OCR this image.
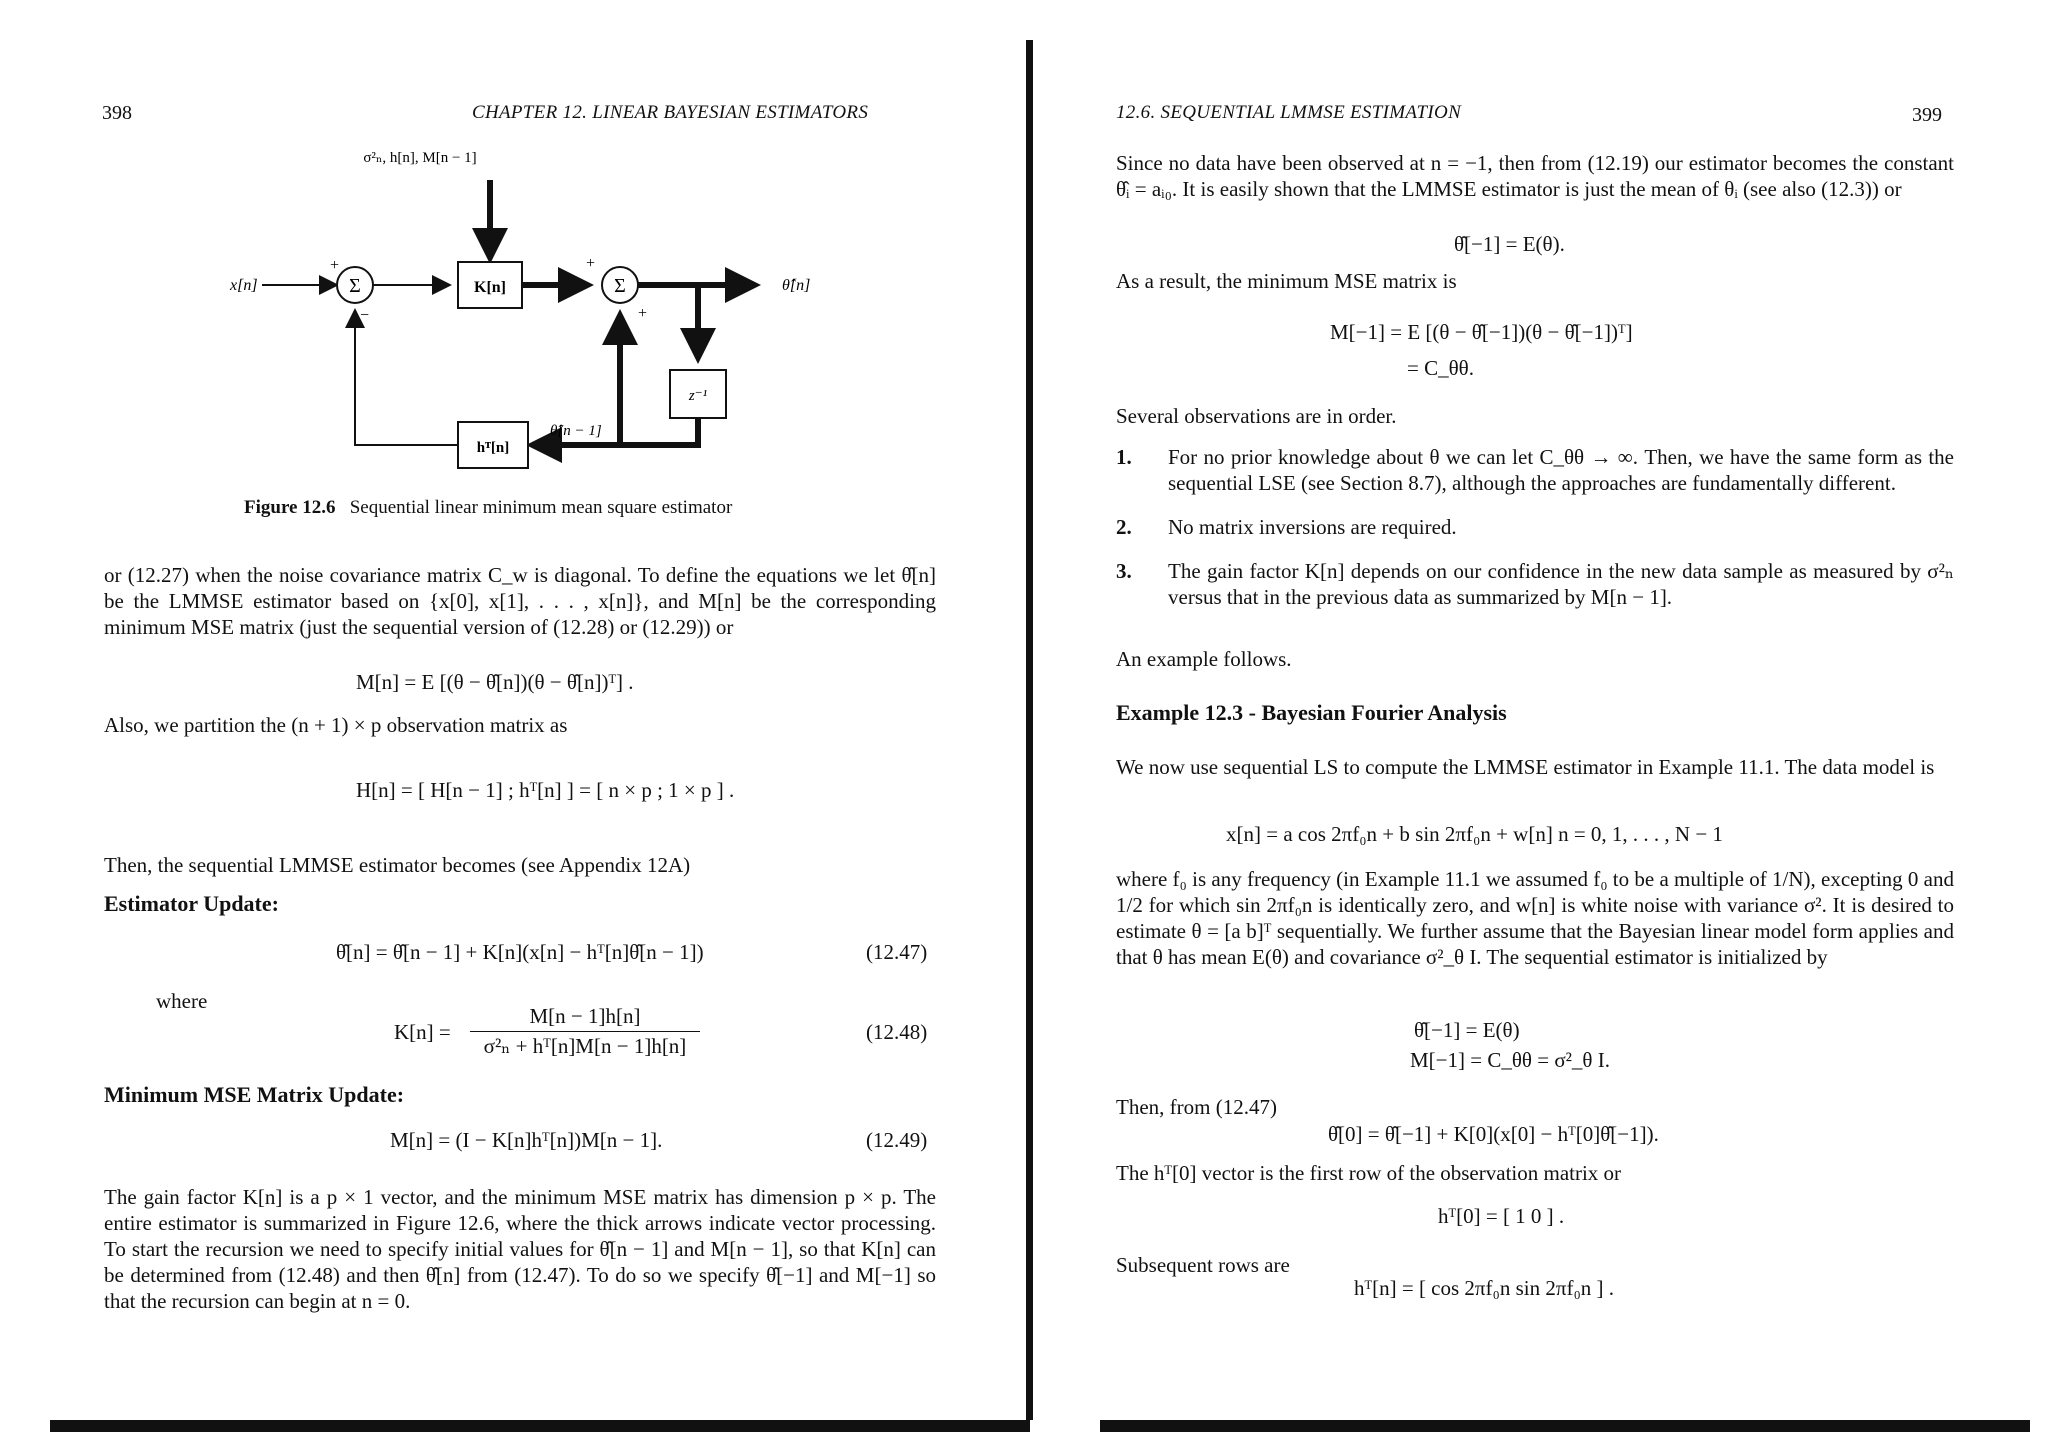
398	CHAPTER 12. LINEAR BAYESIAN ESTIMATORS
σ²ₙ, h[n], M[n − 1]
x[n]	Σ
+
−
K[n]	Σ
+
+
θ̂[n]
z⁻¹
θ̂[n − 1]
hᵀ[n]
Figure 12.6 Sequential linear minimum mean square estimator
or (12.27) when the noise covariance matrix C_w is diagonal. To define the equations we let θ̂[n] be the LMMSE estimator based on {x[0], x[1], . . . , x[n]}, and M[n] be the corresponding minimum MSE matrix (just the sequential version of (12.28) or (12.29)) or
M[n] = E [(θ − θ̂[n])(θ − θ̂[n])ᵀ] .
Also, we partition the (n + 1) × p observation matrix as
H[n] = [ H[n − 1] ; hᵀ[n] ] = [ n × p ; 1 × p ] .
Then, the sequential LMMSE estimator becomes (see Appendix 12A)
Estimator Update:
θ̂[n] = θ̂[n − 1] + K[n](x[n] − hᵀ[n]θ̂[n − 1])	(12.47)
where
$K[n] = \frac{M[n - 1]h[n]}{\text{σ²ₙ + hᵀ[n]M[n − 1]h[n]}}$	(12.48)
Minimum MSE Matrix Update:
M[n] = (I − K[n]hᵀ[n])M[n − 1].	(12.49)
The gain factor K[n] is a p × 1 vector, and the minimum MSE matrix has dimension p × p. The entire estimator is summarized in Figure 12.6, where the thick arrows indicate vector processing. To start the recursion we need to specify initial values for θ̂[n − 1] and M[n − 1], so that K[n] can be determined from (12.48) and then θ̂[n] from (12.47). To do so we specify θ̂[−1] and M[−1] so that the recursion can begin at n = 0.
12.6. SEQUENTIAL LMMSE ESTIMATION	399
Since no data have been observed at n = −1, then from (12.19) our estimator becomes the constant θ̂ᵢ = aᵢ₀. It is easily shown that the LMMSE estimator is just the mean of θᵢ (see also (12.3)) or
θ̂[−1] = E(θ).
As a result, the minimum MSE matrix is
M[−1] = E [(θ − θ̂[−1])(θ − θ̂[−1])ᵀ]
= C_θθ.
Several observations are in order.
1. For no prior knowledge about θ we can let C_θθ → ∞. Then, we have the same form as the sequential LSE (see Section 8.7), although the approaches are fundamentally different.
2. No matrix inversions are required.
3. The gain factor K[n] depends on our confidence in the new data sample as measured by σ²ₙ versus that in the previous data as summarized by M[n − 1].
An example follows.
Example 12.3 - Bayesian Fourier Analysis
We now use sequential LS to compute the LMMSE estimator in Example 11.1. The data model is
x[n] = a cos 2πf₀n + b sin 2πf₀n + w[n] n = 0, 1, . . . , N − 1
where f₀ is any frequency (in Example 11.1 we assumed f₀ to be a multiple of 1/N), excepting 0 and 1/2 for which sin 2πf₀n is identically zero, and w[n] is white noise with variance σ². It is desired to estimate θ = [a b]ᵀ sequentially. We further assume that the Bayesian linear model form applies and that θ has mean E(θ) and covariance σ²_θ I. The sequential estimator is initialized by
θ̂[−1] = E(θ)
M[−1] = C_θθ = σ²_θ I.
Then, from (12.47)
θ̂[0] = θ̂[−1] + K[0](x[0] − hᵀ[0]θ̂[−1]).
The hᵀ[0] vector is the first row of the observation matrix or
hᵀ[0] = [ 1 0 ] .
Subsequent rows are
hᵀ[n] = [ cos 2πf₀n sin 2πf₀n ] .
